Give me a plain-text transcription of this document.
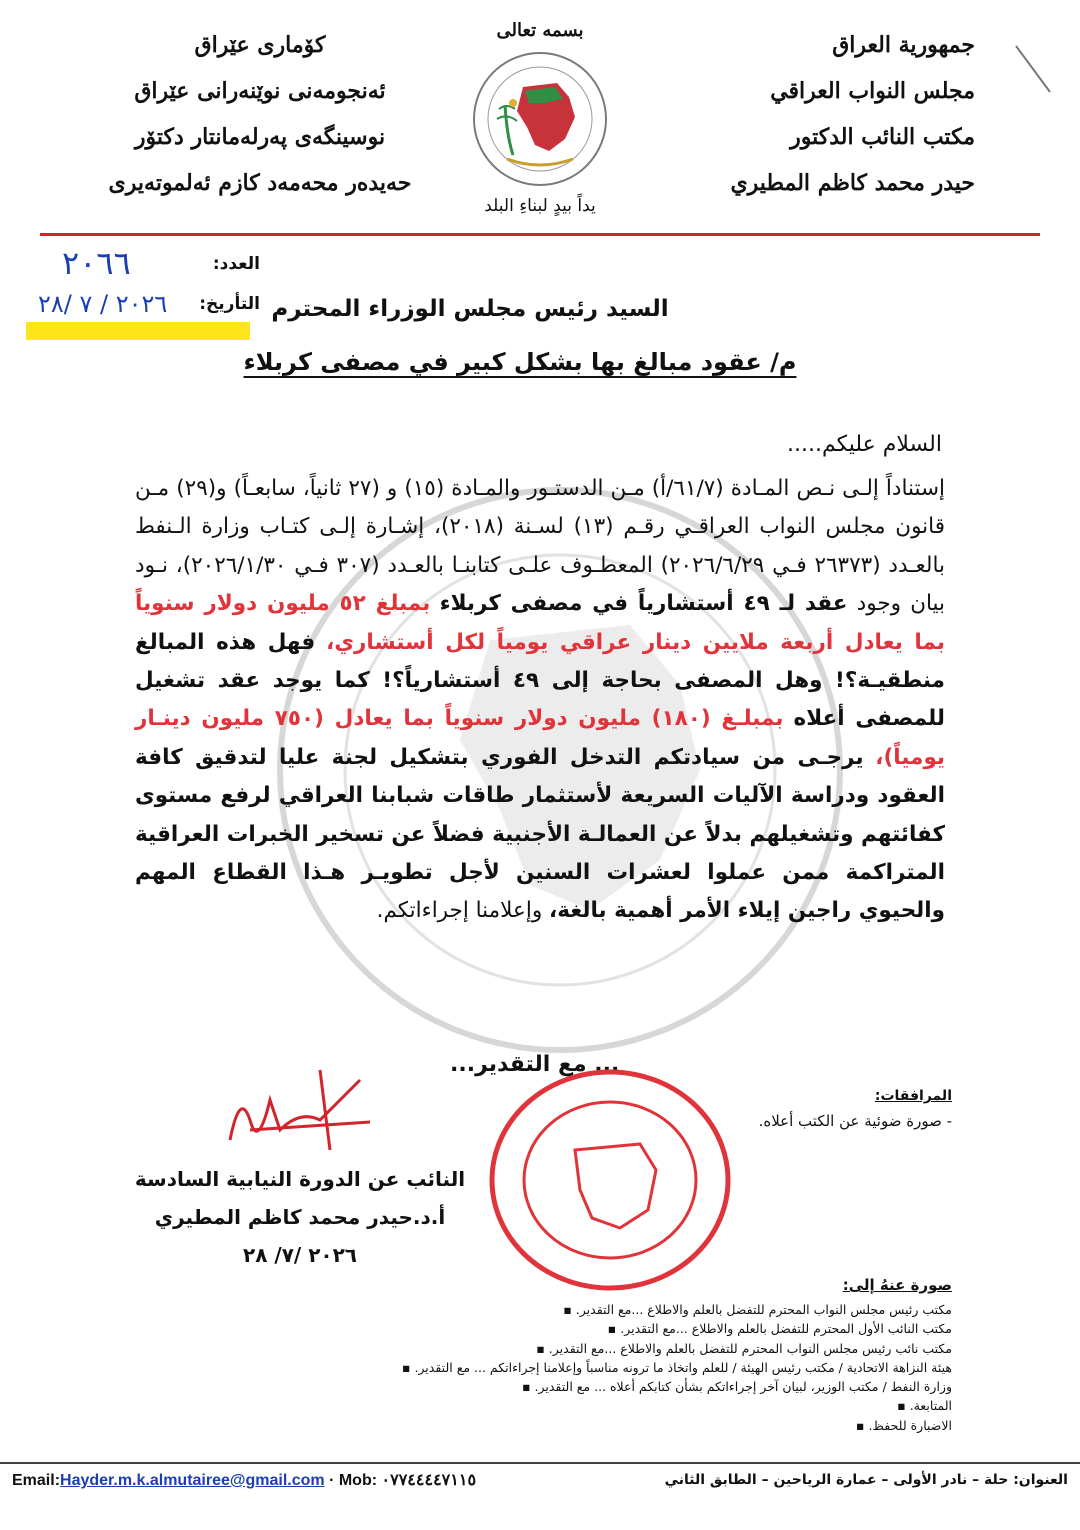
جمهورية العراق
مجلس النواب العراقي
مكتب النائب الدكتور
حيدر محمد كاظم المطيري
كۆمارى عێراق
ئەنجومەنى نوێنەرانى عێراق
نوسینگەی پەرلەمانتار دكتۆر
حەیدەر محەمەد كازم ئەلموتەیری
بسمه تعالى
يداً بيدٍ لبناءِ البلد
العدد:
٢٠٦٦
التأريخ:
٢٠٢٦ / ٧ /٢٨	السيد رئيس مجلس الوزراء المحترم
م/ عقود مبالغ بها بشكل كبير في مصفى كربلاء
السلام عليكم.....
إستناداً إلـى نـص المـادة (٦١/٧/أ) مـن الدستـور والمـادة (١٥) و (٢٧ ثانياً، سابعـاً) و(٢٩) مـن قانون مجلس النواب العراقـي رقـم (١٣) لسـنة (٢٠١٨)، إشـارة إلـى كتـاب وزارة الـنفط بالعـدد (٢٦٣٧٣ فـي ٢٠٢٦/٦/٢٩) المعطـوف علـى كتابنـا بالعـدد (٣٠٧ فـي ٢٠٢٦/١/٣٠)، نـود بيان وجود عقد لـ ٤٩ أستشارياً في مصفى كربلاء بمبلغ ٥٢ مليون دولار سنوياً بما يعادل أربعة ملايين دينار عراقي يومياً لكل أستشاري، فهل هذه المبالغ منطقيـة؟! وهل المصفى بحاجة إلى ٤٩ أستشارياً؟! كما يوجد عقد تشغيل للمصفى أعلاه بمبلـغ (١٨٠) مليون دولار سنوياً بما يعادل (٧٥٠ مليون دينـار يومياً)، يرجـى من سيادتكم التدخل الفوري بتشكيل لجنة عليا لتدقيق كافة العقود ودراسة الآليات السريعة لأستثمار طاقات شبابنا العراقي لرفع مستوى كفائتهم وتشغيلهم بدلاً عن العمالـة الأجنبية فضلاً عن تسخير الخبرات العراقية المتراكمة ممن عملوا لعشرات السنين لأجل تطويـر هـذا القطاع المهم والحيوي راجين إيلاء الأمر أهمية بالغة، وإعلامنا إجراءاتكم.
... مع التقدير...
المرافقات:
- صورة ضوئية عن الكتب أعلاه.
النائب عن الدورة النيابية السادسة
أ.د.حيدر محمد كاظم المطيري
٢٠٢٦ /٧/ ٢٨
صورة عنهُ إلى:
مكتب رئيس مجلس النواب المحترم للتفضل بالعلم والاطلاع ...مع التقدير. ▪
مكتب النائب الأول المحترم للتفضل بالعلم والاطلاع ...مع التقدير. ▪
مكتب نائب رئيس مجلس النواب المحترم للتفضل بالعلم والاطلاع ...مع التقدير. ▪
هيئة النزاهة الاتحادية / مكتب رئيس الهيئة / للعلم واتخاذ ما ترونه مناسباً وإعلامنا إجراءاتكم ... مع التقدير. ▪
وزارة النفط / مكتب الوزير، لبيان آخر إجراءاتكم بشأن كتابكم أعلاه ... مع التقدير. ▪
المتابعة. ▪
الاضبارة للحفظ. ▪
العنوان: حلة – نادر الأولى – عمارة الرياحين – الطابق الثاني
Email:Hayder.m.k.almutairee@gmail.com · Mob: ٠٧٧٤٤٤٤٧١١٥
